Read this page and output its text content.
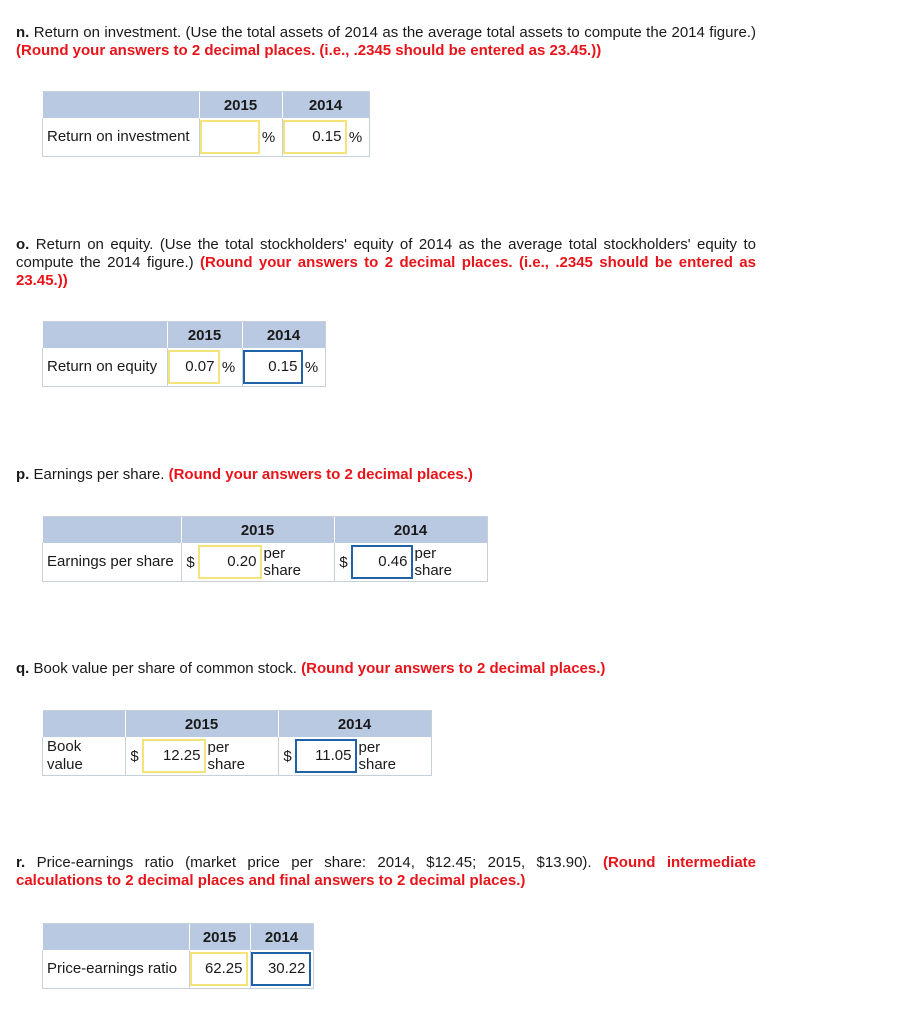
n. Return on investment. (Use the total assets of 2014 as the average total assets to compute the 2014 figure.) (Round your answers to 2 decimal places. (i.e., .2345 should be entered as 23.45.))
	2015	2014
Return on investment	%	0.15 %
o. Return on equity. (Use the total stockholders' equity of 2014 as the average total stockholders' equity to compute the 2014 figure.) (Round your answers to 2 decimal places. (i.e., .2345 should be entered as 23.45.))
	2015	2014
Return on equity	0.07 %	0.15 %
p. Earnings per share. (Round your answers to 2 decimal places.)
	2015	2014
Earnings per share	$ 0.20 per share	$ 0.46 per share
q. Book value per share of common stock. (Round your answers to 2 decimal places.)
	2015	2014
Book value	$ 12.25 per share	$ 11.05 per share
r. Price-earnings ratio (market price per share: 2014, $12.45; 2015, $13.90). (Round intermediate calculations to 2 decimal places and final answers to 2 decimal places.)
	2015	2014
Price-earnings ratio	62.25	30.22
